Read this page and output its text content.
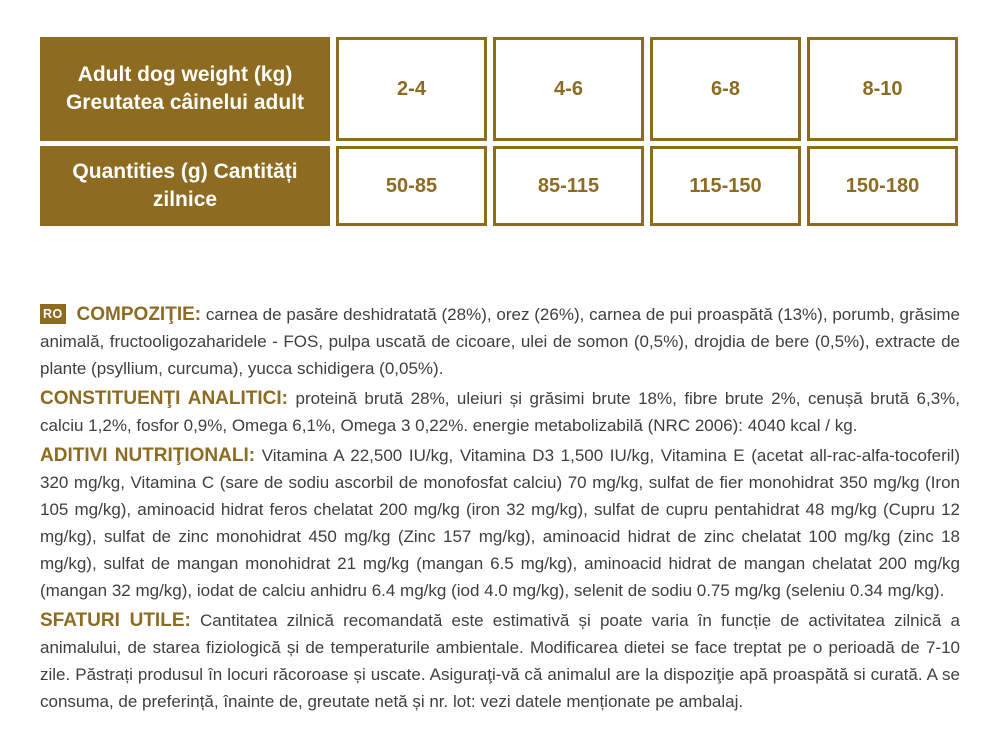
Adult dog weight (kg)
Greutatea câinelui adult	2-4	4-6	6-8	8-10
Quantities (g) Cantități
zilnice	50-85	85-115	115-150	150-180

RO COMPOZIŢIE: carnea de pasăre deshidratată (28%), orez (26%), carnea de pui proaspătă (13%), porumb, grăsime animală, fructooligozaharidele - FOS, pulpa uscată de cicoare, ulei de somon (0,5%), drojdia de bere (0,5%), extracte de plante (psyllium, curcuma), yucca schidigera (0,05%).

CONSTITUENŢI ANALITICI: proteină brută 28%, uleiuri și grăsimi brute 18%, fibre brute 2%, cenușă brută 6,3%, calciu 1,2%, fosfor 0,9%, Omega 6,1%, Omega 3 0,22%. energie metabolizabilă (NRC 2006): 4040 kcal / kg.

ADITIVI NUTRIŢIONALI: Vitamina A 22,500 IU/kg, Vitamina D3 1,500 IU/kg, Vitamina E (acetat all-rac-alfa-tocoferil) 320 mg/kg, Vitamina C (sare de sodiu ascorbil de monofosfat calciu) 70 mg/kg, sulfat de fier monohidrat 350 mg/kg (Iron 105 mg/kg), aminoacid hidrat feros chelatat 200 mg/kg (iron 32 mg/kg), sulfat de cupru pentahidrat 48 mg/kg (Cupru 12 mg/kg), sulfat de zinc monohidrat 450 mg/kg (Zinc 157 mg/kg), aminoacid hidrat de zinc chelatat 100 mg/kg (zinc 18 mg/kg), sulfat de mangan monohidrat 21 mg/kg (mangan 6.5 mg/kg), aminoacid hidrat de mangan chelatat 200 mg/kg (mangan 32 mg/kg), iodat de calciu anhidru 6.4 mg/kg (iod 4.0 mg/kg), selenit de sodiu 0.75 mg/kg (seleniu 0.34 mg/kg).

SFATURI UTILE: Cantitatea zilnică recomandată este estimativă și poate varia în funcție de activitatea zilnică a animalului, de starea fiziologică și de temperaturile ambientale. Modificarea dietei se face treptat pe o perioadă de 7-10 zile. Păstrați produsul în locuri răcoroase și uscate. Asiguraţi-vă că animalul are la dispoziţie apă proaspătă si curată. A se consuma, de preferință, înainte de, greutate netă și nr. lot: vezi datele menționate pe ambalaj.
